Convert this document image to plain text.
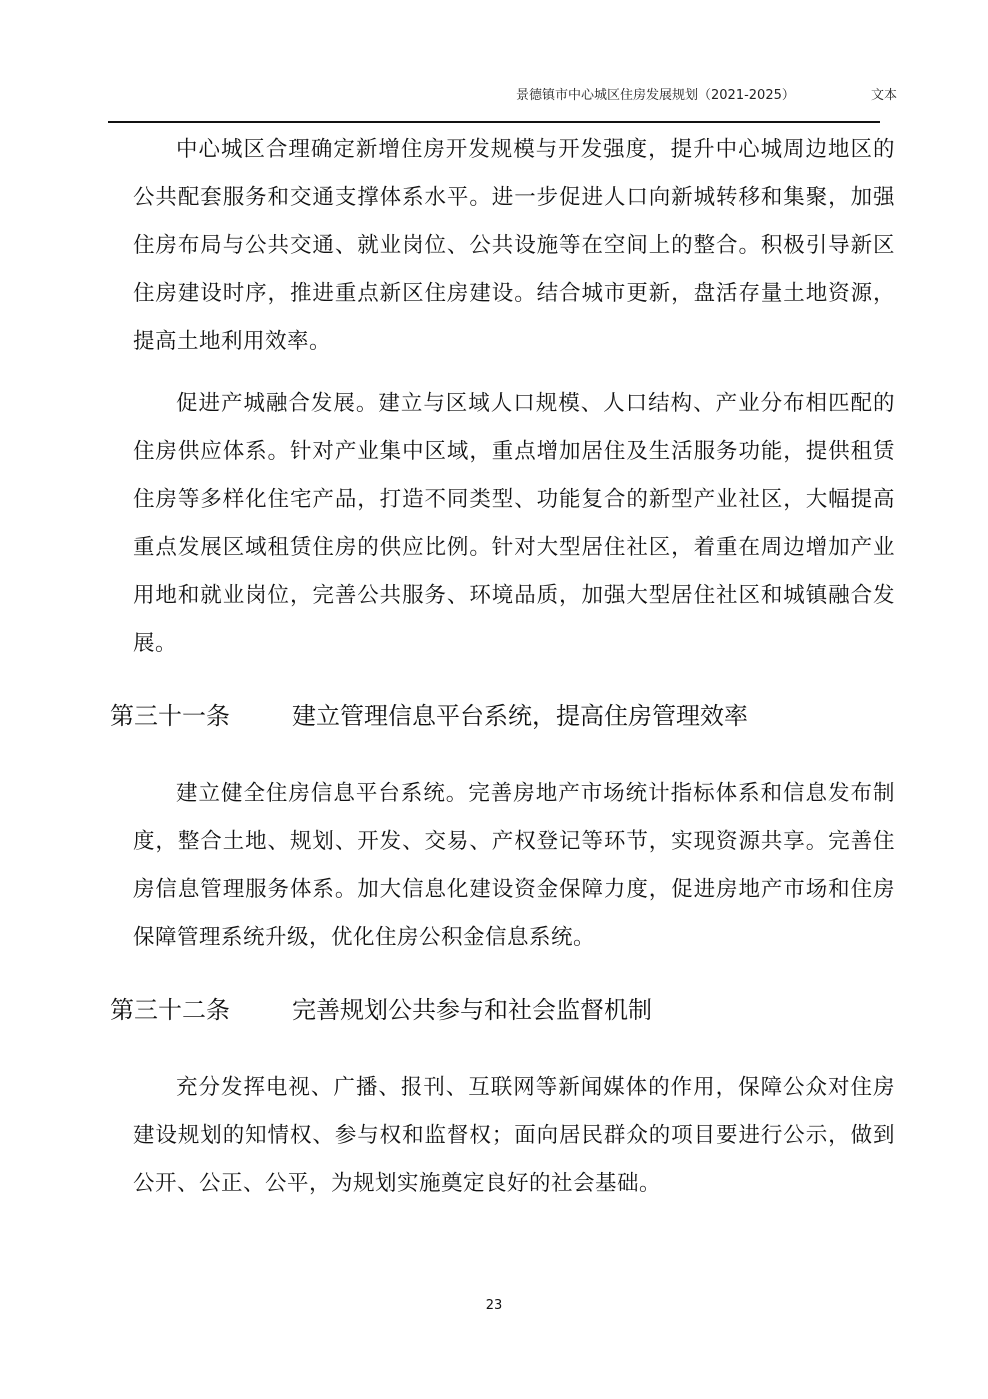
景德镇市中心城区住房发展规划（2021-2025）	文本

中心城区合理确定新增住房开发规模与开发强度，提升中心城周边地区的公共配套服务和交通支撑体系水平。进一步促进人口向新城转移和集聚，加强住房布局与公共交通、就业岗位、公共设施等在空间上的整合。积极引导新区住房建设时序，推进重点新区住房建设。结合城市更新，盘活存量土地资源，提高土地利用效率。

促进产城融合发展。建立与区域人口规模、人口结构、产业分布相匹配的住房供应体系。针对产业集中区域，重点增加居住及生活服务功能，提供租赁住房等多样化住宅产品，打造不同类型、功能复合的新型产业社区，大幅提高重点发展区域租赁住房的供应比例。针对大型居住社区，着重在周边增加产业用地和就业岗位，完善公共服务、环境品质，加强大型居住社区和城镇融合发展。

第三十一条	建立管理信息平台系统，提高住房管理效率

建立健全住房信息平台系统。完善房地产市场统计指标体系和信息发布制度，整合土地、规划、开发、交易、产权登记等环节，实现资源共享。完善住房信息管理服务体系。加大信息化建设资金保障力度，促进房地产市场和住房保障管理系统升级，优化住房公积金信息系统。

第三十二条	完善规划公共参与和社会监督机制

充分发挥电视、广播、报刊、互联网等新闻媒体的作用，保障公众对住房建设规划的知情权、参与权和监督权；面向居民群众的项目要进行公示，做到公开、公正、公平，为规划实施奠定良好的社会基础。

23
